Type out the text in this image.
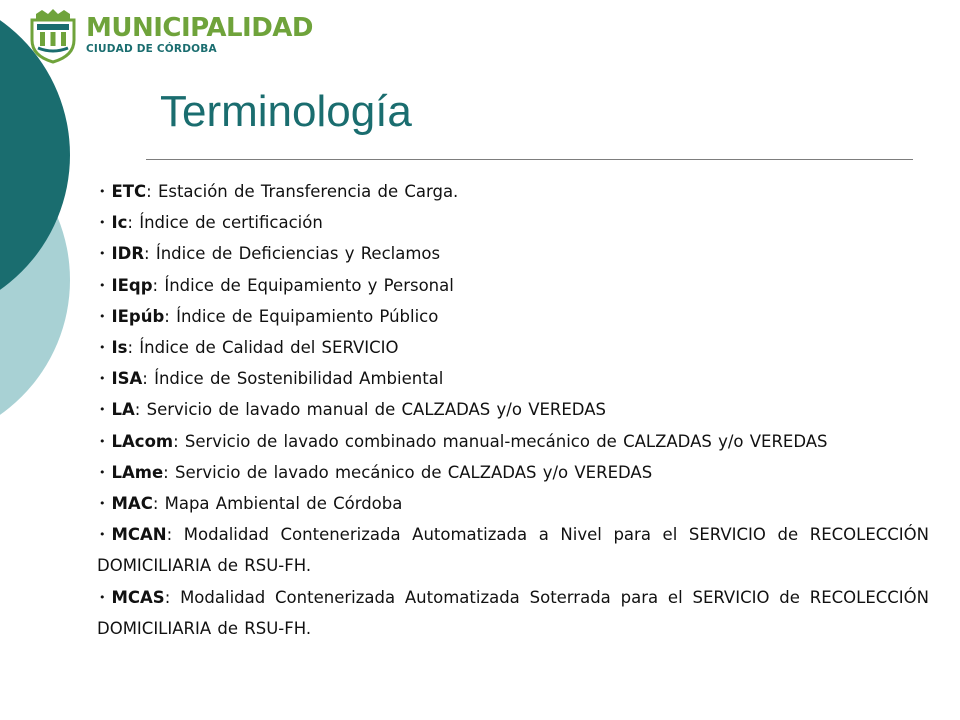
MUNICIPALIDAD
CIUDAD DE CÓRDOBA
Terminología
• ETC: Estación de Transferencia de Carga.
• Ic: Índice de certificación
• IDR: Índice de Deficiencias y Reclamos
• IEqp: Índice de Equipamiento y Personal
• IEpúb: Índice de Equipamiento Público
• Is: Índice de Calidad del SERVICIO
• ISA: Índice de Sostenibilidad Ambiental
• LA: Servicio de lavado manual de CALZADAS y/o VEREDAS
• LAcom: Servicio de lavado combinado manual-mecánico de CALZADAS y/o VEREDAS
• LAme: Servicio de lavado mecánico de CALZADAS y/o VEREDAS
• MAC: Mapa Ambiental de Córdoba
• MCAN: Modalidad Contenerizada Automatizada a Nivel para el SERVICIO de RECOLECCIÓN DOMICILIARIA de RSU-FH.
• MCAS: Modalidad Contenerizada Automatizada Soterrada para el SERVICIO de RECOLECCIÓN DOMICILIARIA de RSU-FH.
